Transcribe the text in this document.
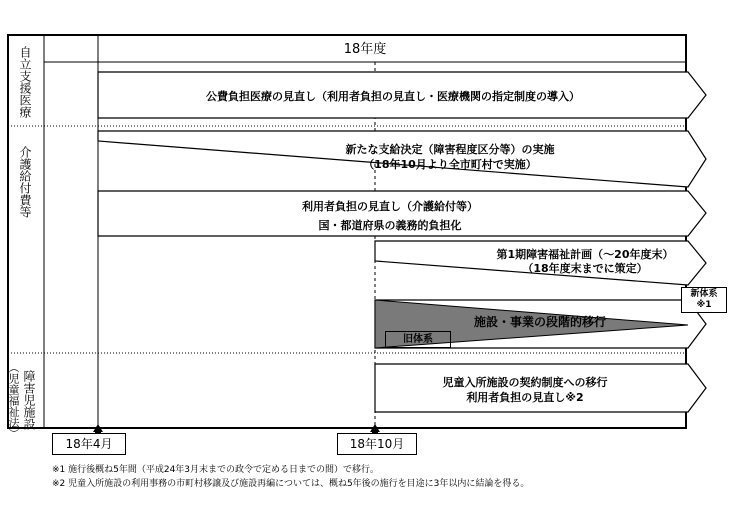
18年度
自立支援医療
介護給付費等
障害児施設
（児童福祉法）
公費負担医療の見直し（利用者負担の見直し・医療機関の指定制度の導入）
新たな支給決定（障害程度区分等）の実施
（18年10月より全市町村で実施）
利用者負担の見直し（介護給付等）
国・都道府県の義務的負担化
第1期障害福祉計画（～20年度末）
（18年度末までに策定）
施設・事業の段階的移行
旧体系
新体系
※1
児童入所施設の契約制度への移行
利用者負担の見直し※2
18年4月	18年10月
※1 施行後概ね5年間（平成24年3月末までの政令で定める日までの間）で移行。
※2 児童入所施設の利用事務の市町村移譲及び施設再編については、概ね5年後の施行を目途に3年以内に結論を得る。
